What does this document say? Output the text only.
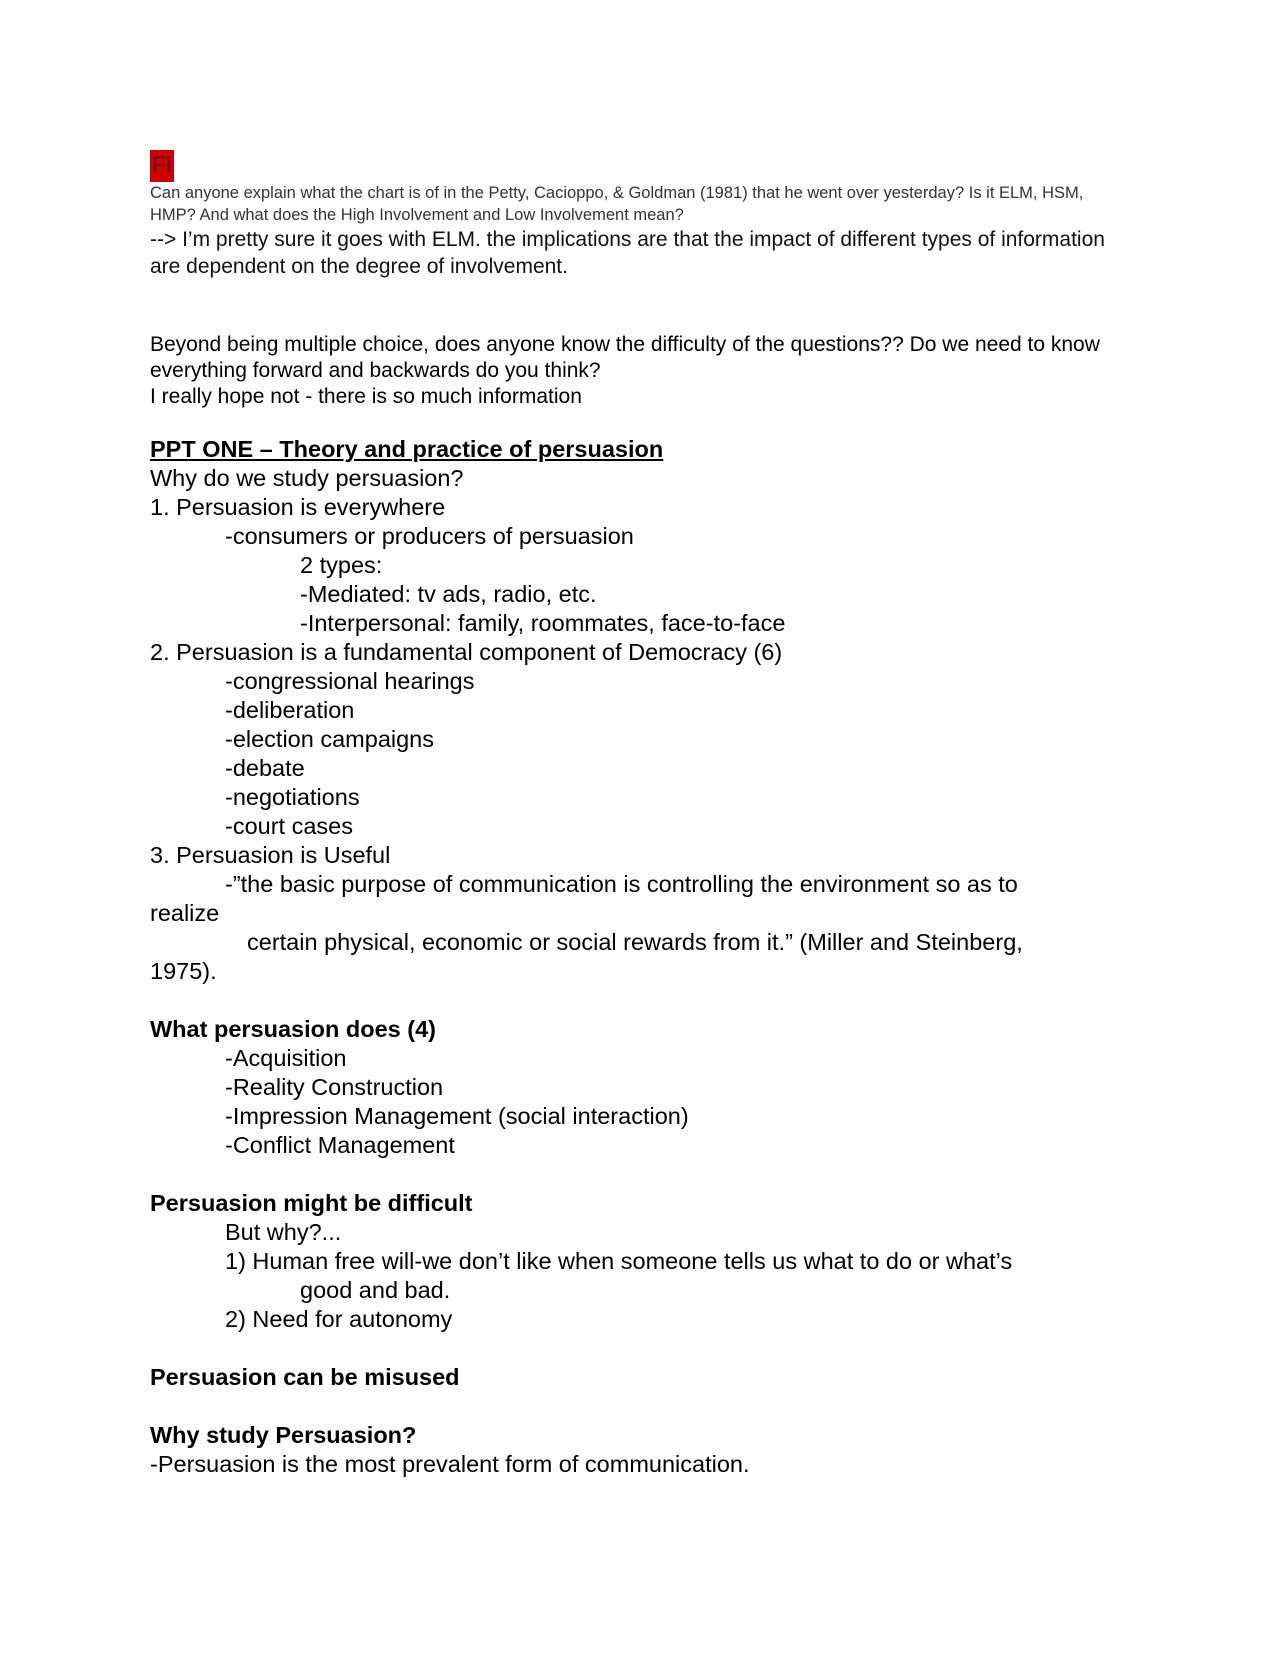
FI

Can anyone explain what the chart is of in the Petty, Cacioppo, & Goldman (1981) that he went over yesterday? Is it ELM, HSM, HMP? And what does the High Involvement and Low Involvement mean?

--> I’m pretty sure it goes with ELM. the implications are that the impact of different types of information are dependent on the degree of involvement.

Beyond being multiple choice, does anyone know the difficulty of the questions?? Do we need to know everything forward and backwards do you think?

I really hope not - there is so much information

PPT ONE – Theory and practice of persuasion

Why do we study persuasion?

1. Persuasion is everywhere

-consumers or producers of persuasion

2 types:

-Mediated: tv ads, radio, etc.

-Interpersonal: family, roommates, face-to-face

2. Persuasion is a fundamental component of Democracy (6)

-congressional hearings

-deliberation

-election campaigns

-debate

-negotiations

-court cases

3. Persuasion is Useful

-”the basic purpose of communication is controlling the environment so as to

realize

certain physical, economic or social rewards from it.” (Miller and Steinberg,

1975).

What persuasion does (4)

-Acquisition

-Reality Construction

-Impression Management (social interaction)

-Conflict Management

Persuasion might be difficult

But why?...

1) Human free will-we don’t like when someone tells us what to do or what’s

good and bad.

2) Need for autonomy

Persuasion can be misused

Why study Persuasion?

-Persuasion is the most prevalent form of communication.
